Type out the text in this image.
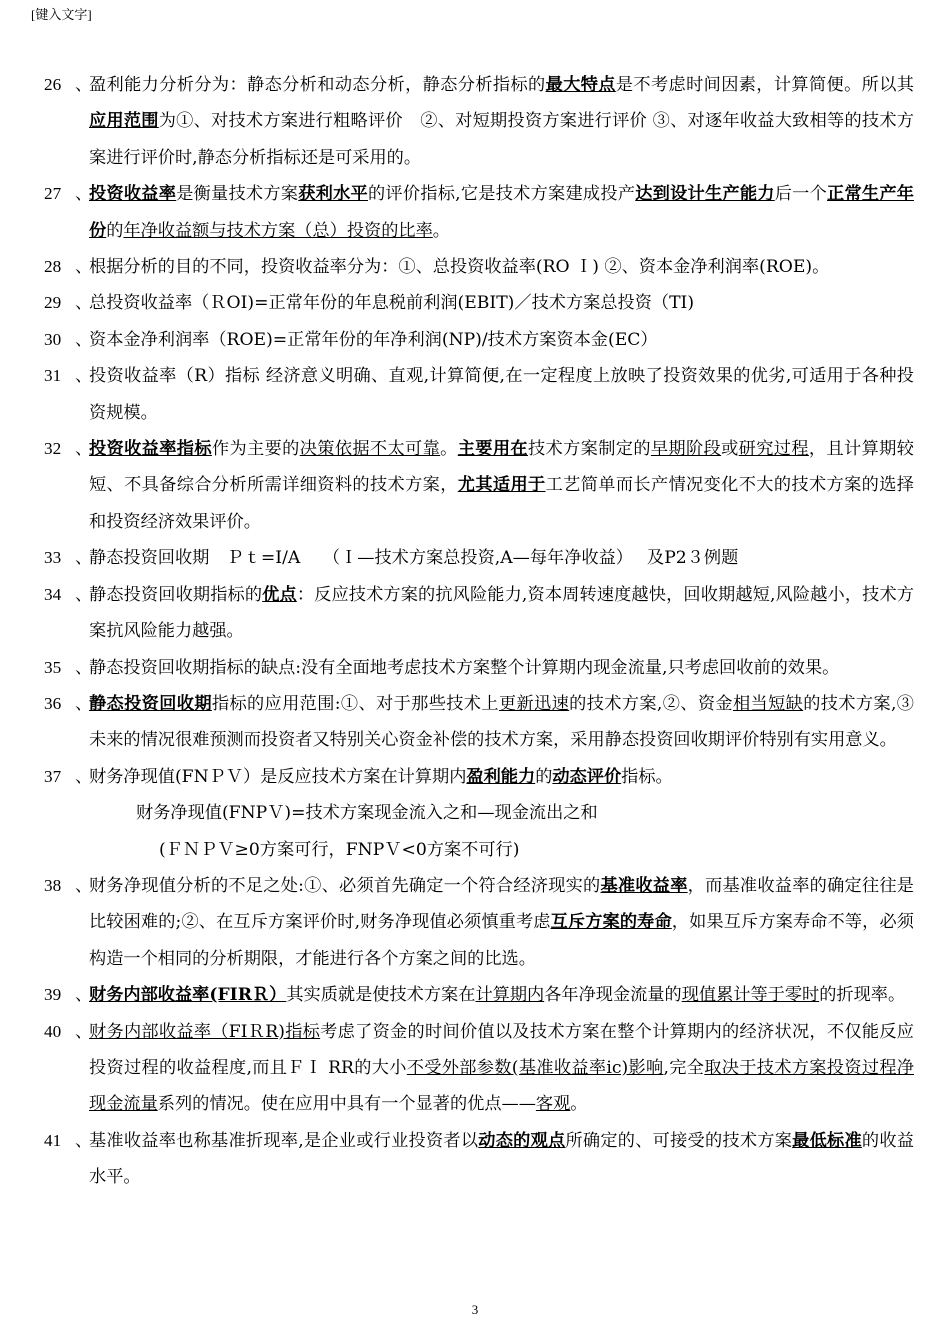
[键入文字]
26 、
盈利能力分析分为：静态分析和动态分析，静态分析指标的最大特点是不考虑时间因素，计算简便。所以其应用范围为①、对技术方案进行粗略评价　②、对短期投资方案进行评价 ③、对逐年收益大致相等的技术方案进行评价时,静态分析指标还是可采用的。
27 、
投资收益率是衡量技术方案获利水平的评价指标,它是技术方案建成投产达到设计生产能力后一个正常生产年份的年净收益额与技术方案（总）投资的比率。
28 、
根据分析的目的不同，投资收益率分为：①、总投资收益率(RO Ｉ) ②、资本金净利润率(ROE)。
29 、
总投资收益率（ＲOI)=正常年份的年息税前利润(EBIT)／技术方案总投资（TI)
30 、
资本金净利润率（ROE)=正常年份的年净利润(NP)/技术方案资本金(EC）
31 、
投资收益率（R）指标 经济意义明确、直观,计算简便,在一定程度上放映了投资效果的优劣,可适用于各种投资规模。
32 、
投资收益率指标作为主要的决策依据不太可靠。主要用在技术方案制定的早期阶段或研究过程，且计算期较短、不具备综合分析所需详细资料的技术方案，尤其适用于工艺简单而长产情况变化不大的技术方案的选择和投资经济效果评价。
33 、
静态投资回收期　Ｐｔ=I/A　 （Ｉ—技术方案总投资,A—每年净收益）　 及P2３例题
34 、
静态投资回收期指标的优点：反应技术方案的抗风险能力,资本周转速度越快，回收期越短,风险越小，技术方案抗风险能力越强。
35 、
静态投资回收期指标的缺点:没有全面地考虑技术方案整个计算期内现金流量,只考虑回收前的效果。
36 、
静态投资回收期指标的应用范围:①、对于那些技术上更新迅速的技术方案,②、资金相当短缺的技术方案,③ 未来的情况很难预测而投资者又特别关心资金补偿的技术方案，采用静态投资回收期评价特别有实用意义。
37 、
财务净现值(FNＰＶ）是反应技术方案在计算期内盈利能力的动态评价指标。
财务净现值(FNPＶ)=技术方案现金流入之和—现金流出之和
(ＦＮＰＶ≥0方案可行，FNPＶ<0方案不可行)
38 、
财务净现值分析的不足之处:①、必须首先确定一个符合经济现实的基准收益率，而基准收益率的确定往往是比较困难的;②、在互斥方案评价时,财务净现值必须慎重考虑互斥方案的寿命，如果互斥方案寿命不等，必须构造一个相同的分析期限，才能进行各个方案之间的比选。
39 、
财务内部收益率(FIRＲ）其实质就是使技术方案在计算期内各年净现金流量的现值累计等于零时的折现率。
40 、
财务内部收益率（FIＲR)指标考虑了资金的时间价值以及技术方案在整个计算期内的经济状况，不仅能反应投资过程的收益程度,而且ＦＩ RR的大小不受外部参数(基准收益率ic)影响,完全取决于技术方案投资过程净现金流量系列的情况。使在应用中具有一个显著的优点——客观。
41 、
基准收益率也称基准折现率,是企业或行业投资者以动态的观点所确定的、可接受的技术方案最低标准的收益水平。
3
